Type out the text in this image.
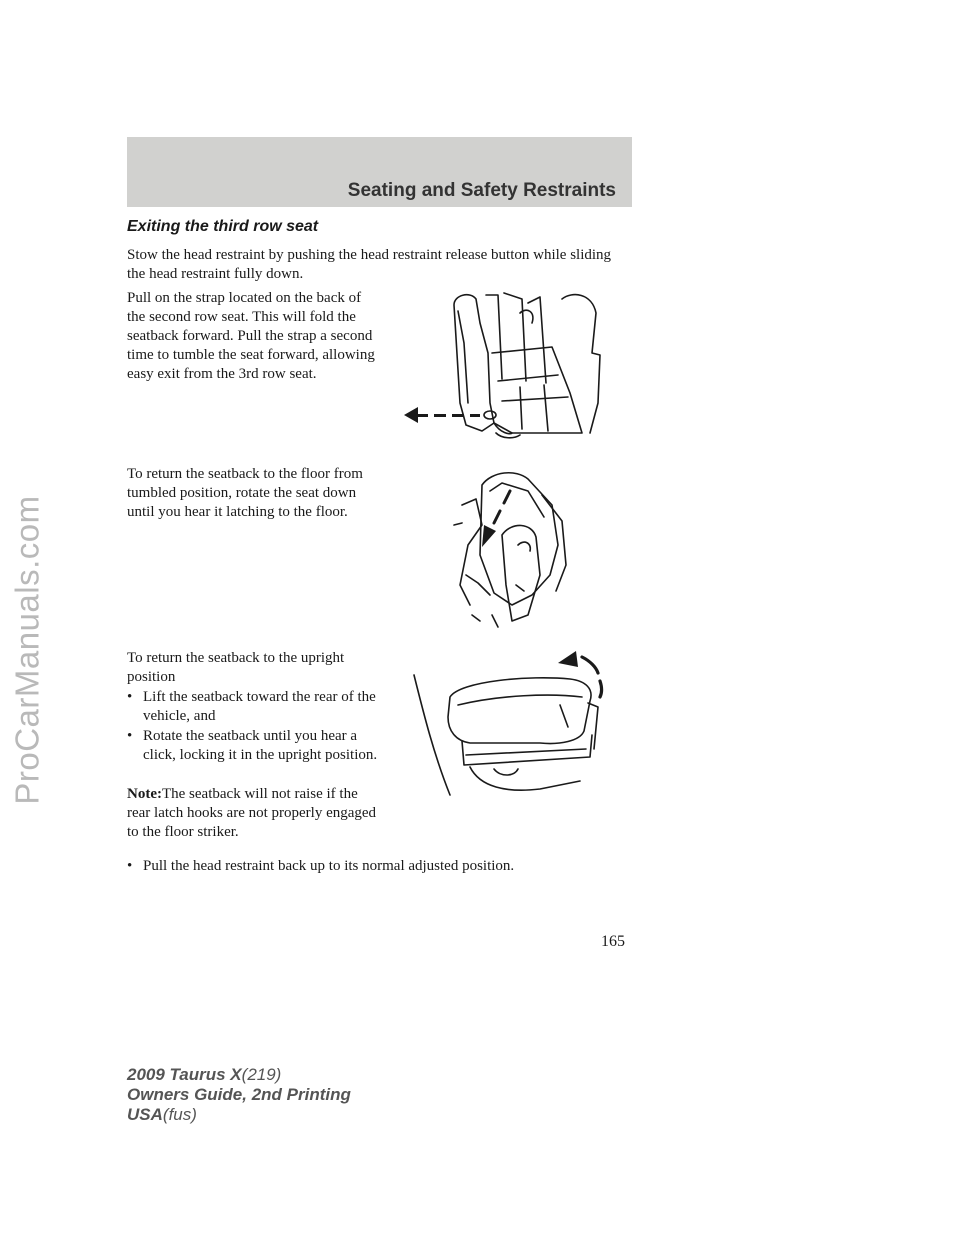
ProCarManuals.com
Seating and Safety Restraints
Exiting the third row seat

Stow the head restraint by pushing the head restraint release button while sliding the head restraint fully down.

Pull on the strap located on the back of the second row seat. This will fold the seatback forward. Pull the strap a second time to tumble the seat forward, allowing easy exit from the 3rd row seat.

To return the seatback to the floor from tumbled position, rotate the seat down until you hear it latching to the floor.

To return the seatback to the upright position

• Lift the seatback toward the rear of the vehicle, and
• Rotate the seatback until you hear a click, locking it in the upright position.

Note:The seatback will not raise if the rear latch hooks are not properly engaged to the floor striker.

• Pull the head restraint back up to its normal adjusted position.
165
2009 Taurus X(219)
Owners Guide, 2nd Printing
USA(fus)
